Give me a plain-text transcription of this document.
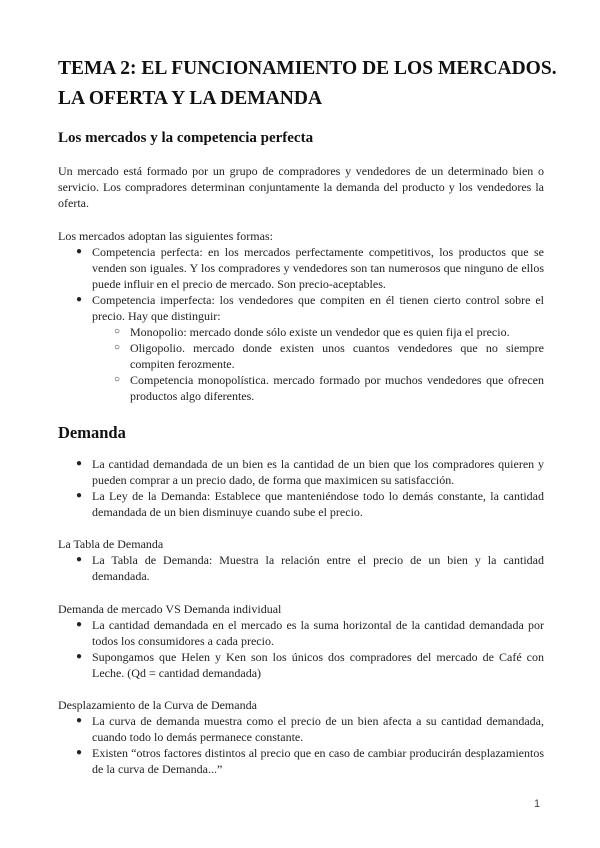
TEMA 2: EL FUNCIONAMIENTO DE LOS MERCADOS. LA OFERTA Y LA DEMANDA
Los mercados y la competencia perfecta

Un mercado está formado por un grupo de compradores y vendedores de un determinado bien o servicio. Los compradores determinan conjuntamente la demanda del producto y los vendedores la oferta.

Los mercados adoptan las siguientes formas:

● Competencia perfecta: en los mercados perfectamente competitivos, los productos que se venden son iguales. Y los compradores y vendedores son tan numerosos que ninguno de ellos puede influir en el precio de mercado. Son precio-aceptables.
● Competencia imperfecta: los vendedores que compiten en él tienen cierto control sobre el precio. Hay que distinguir:
○ Monopolio: mercado donde sólo existe un vendedor que es quien fija el precio.
○ Oligopolio. mercado donde existen unos cuantos vendedores que no siempre compiten ferozmente.
○ Competencia monopolística. mercado formado por muchos vendedores que ofrecen productos algo diferentes.
Demanda
● La cantidad demandada de un bien es la cantidad de un bien que los compradores quieren y pueden comprar a un precio dado, de forma que maximicen su satisfacción.
● La Ley de la Demanda: Establece que manteniéndose todo lo demás constante, la cantidad demandada de un bien disminuye cuando sube el precio.

La Tabla de Demanda

● La Tabla de Demanda: Muestra la relación entre el precio de un bien y la cantidad demandada.

Demanda de mercado VS Demanda individual

● La cantidad demandada en el mercado es la suma horizontal de la cantidad demandada por todos los consumidores a cada precio.
● Supongamos que Helen y Ken son los únicos dos compradores del mercado de Café con Leche. (Qd = cantidad demandada)

Desplazamiento de la Curva de Demanda

● La curva de demanda muestra como el precio de un bien afecta a su cantidad demandada, cuando todo lo demás permanece constante.
● Existen “otros factores distintos al precio que en caso de cambiar producirán desplazamientos de la curva de Demanda...”
1
